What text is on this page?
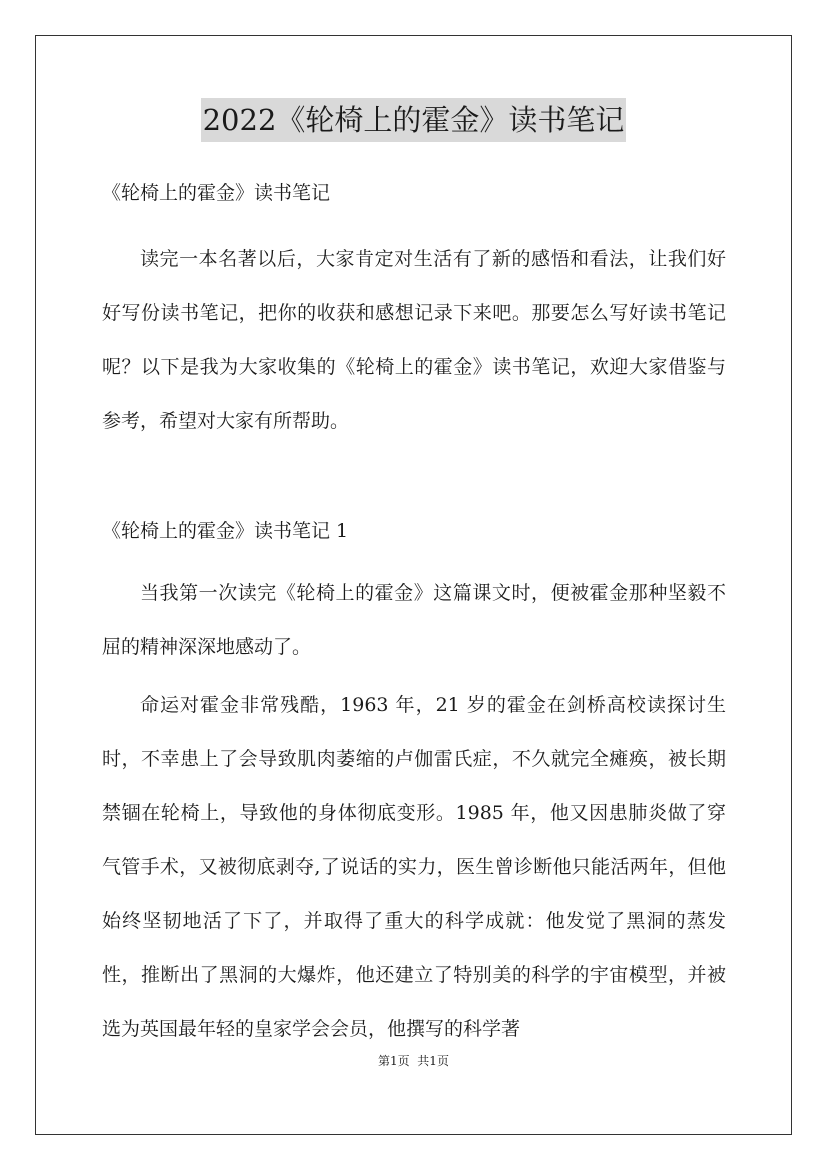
2022《轮椅上的霍金》读书笔记

《轮椅上的霍金》读书笔记

读完一本名著以后，大家肯定对生活有了新的感悟和看法，让我们好好写份读书笔记，把你的收获和感想记录下来吧。那要怎么写好读书笔记呢？以下是我为大家收集的《轮椅上的霍金》读书笔记，欢迎大家借鉴与参考，希望对大家有所帮助。

《轮椅上的霍金》读书笔记 1

当我第一次读完《轮椅上的霍金》这篇课文时，便被霍金那种坚毅不屈的精神深深地感动了。

命运对霍金非常残酷，1963 年，21 岁的霍金在剑桥高校读探讨生时，不幸患上了会导致肌肉萎缩的卢伽雷氏症，不久就完全瘫痪，被长期禁锢在轮椅上，导致他的身体彻底变形。1985 年，他又因患肺炎做了穿气管手术，又被彻底剥夺,了说话的实力，医生曾诊断他只能活两年，但他始终坚韧地活了下了，并取得了重大的科学成就：他发觉了黑洞的蒸发性，推断出了黑洞的大爆炸，他还建立了特别美的科学的宇宙模型，并被选为英国最年轻的皇家学会会员，他撰写的科学著

第1页  共1页
